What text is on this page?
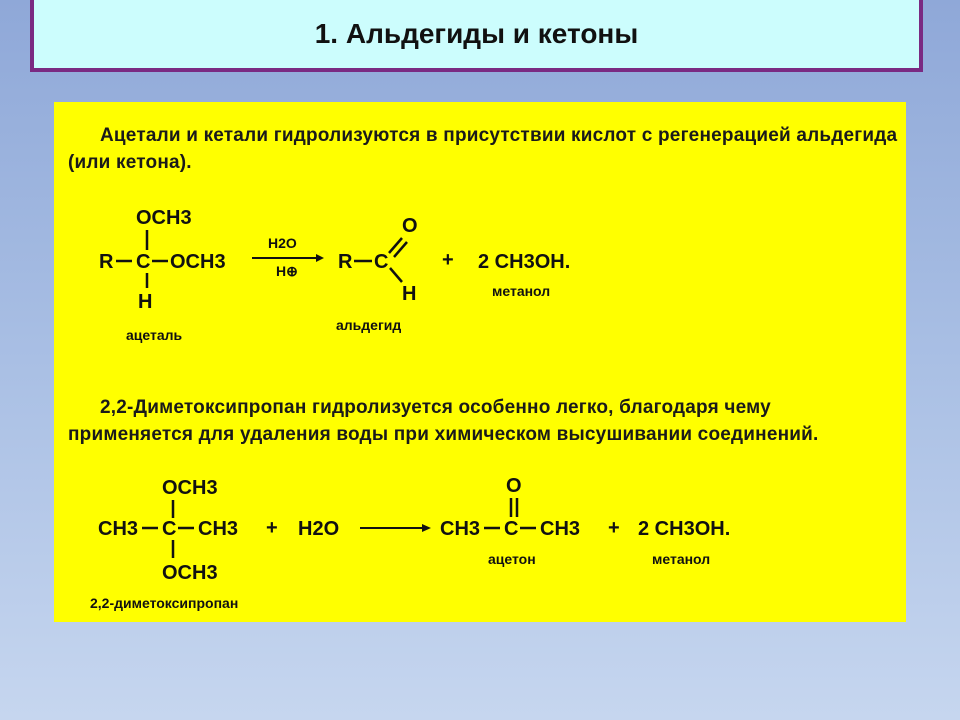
1. Альдегиды и кетоны
Ацетали и кетали гидролизуются в присутствии кислот с регенерацией альдегида (или кетона).
2,2-Диметоксипропан гидролизуется особенно легко, благодаря чему применяется для удаления воды при химическом высушивании соединений.
OCH3
R C OCH3
H
ацеталь
H2O
H⊕ R C
O
H
альдегид
+ 2 CH3OH.
метанол
OCH3
CH3 C CH3
OCH3
2,2-диметоксипропан
+ H2O	CH3 C
O
CH3
ацетон
+ 2 CH3OH.
метанол
